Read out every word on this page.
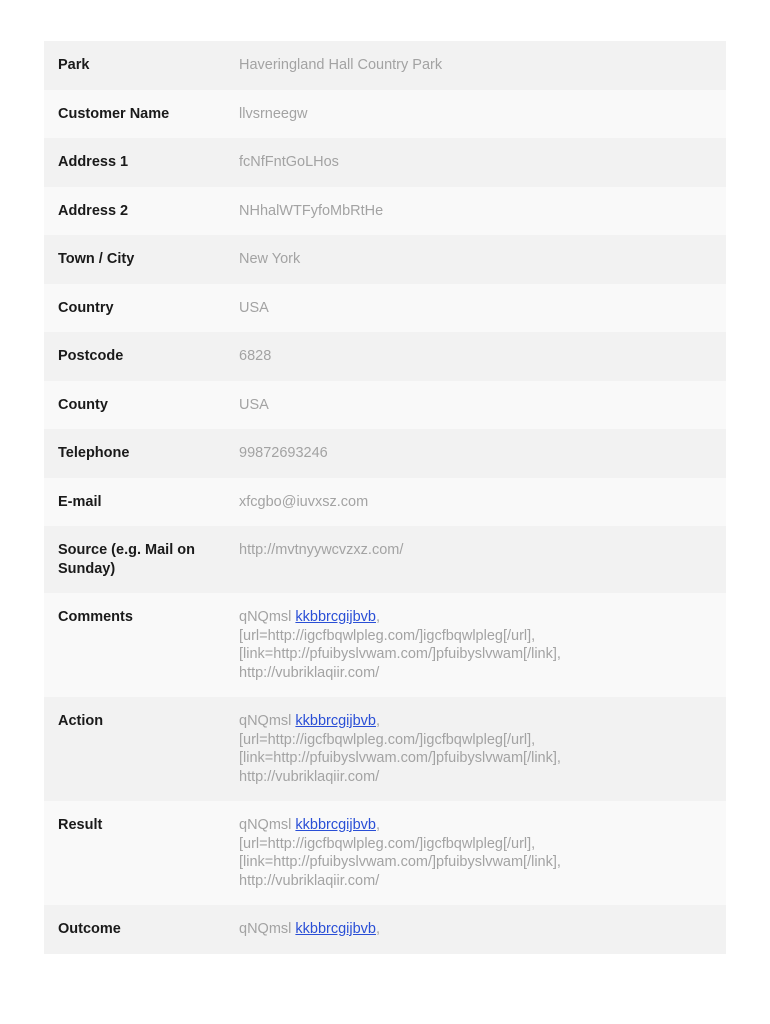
Park	Haveringland Hall Country Park
Customer Name	llvsrneegw
Address 1	fcNfFntGoLHos
Address 2	NHhalWTFyfoMbRtHe
Town / City	New York
Country	USA
Postcode	6828
County	USA
Telephone	99872693246
E-mail	xfcgbo@iuvxsz.com
Source (e.g. Mail on Sunday)	http://mvtnyywcvzxz.com/
Comments	qNQmsl kkbbrcgijbvb,
[url=http://igcfbqwlpleg.com/]igcfbqwlpleg[/url],
[link=http://pfuibyslvwam.com/]pfuibyslvwam[/link],
http://vubriklaqiir.com/
Action	qNQmsl kkbbrcgijbvb,
[url=http://igcfbqwlpleg.com/]igcfbqwlpleg[/url],
[link=http://pfuibyslvwam.com/]pfuibyslvwam[/link],
http://vubriklaqiir.com/
Result	qNQmsl kkbbrcgijbvb,
[url=http://igcfbqwlpleg.com/]igcfbqwlpleg[/url],
[link=http://pfuibyslvwam.com/]pfuibyslvwam[/link],
http://vubriklaqiir.com/
Outcome	qNQmsl kkbbrcgijbvb,
